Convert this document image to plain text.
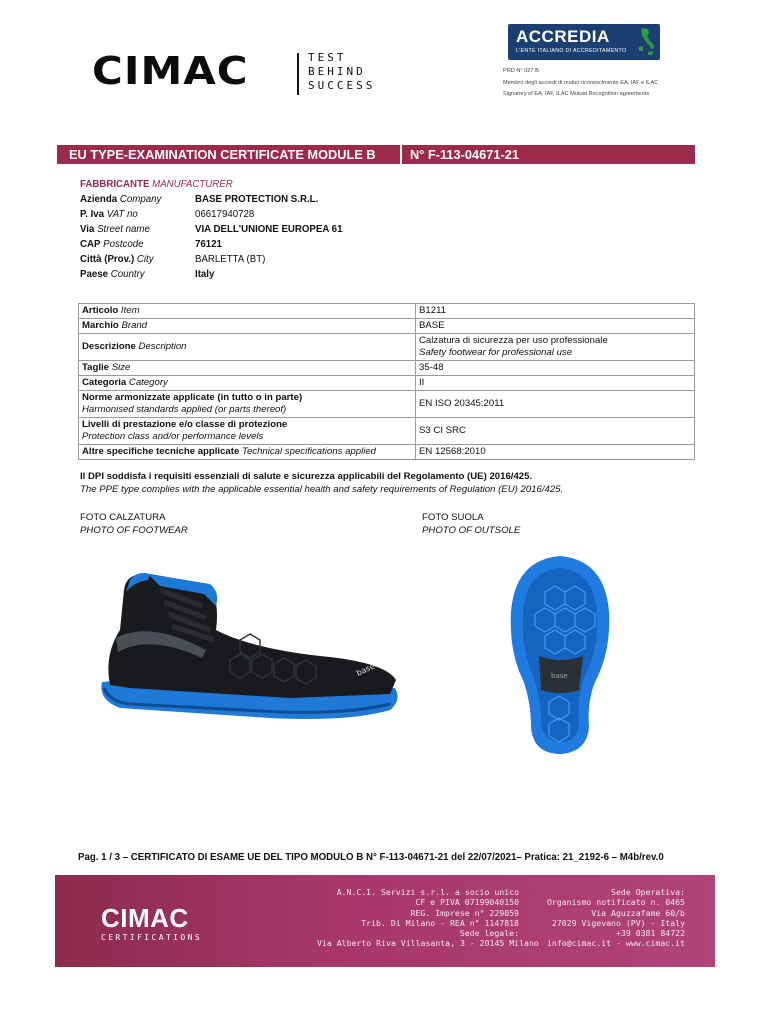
CIMAC	TEST
BEHIND
SUCCESS
ACCREDIA
L'ENTE ITALIANO DI ACCREDITAMENTO

PRD N° 027 B

Membro degli accordi di mutuo riconoscimento EA, IAF e ILAC

Signatory of EA, IAF, ILAC Mutual Recognition agreements

EU TYPE-EXAMINATION CERTIFICATE MODULE B	N° F-113-04671-21
FABBRICANTE MANUFACTURER
Azienda Company	BASE PROTECTION S.R.L.
P. Iva VAT no	06617940728
Via Street name	VIA DELL'UNIONE EUROPEA 61
CAP Postcode	76121
Città (Prov.) City	BARLETTA (BT)
Paese Country	Italy
Articolo Item	B1211
Marchio Brand	BASE
Descrizione Description	Calzatura di sicurezza per uso professionale
Safety footwear for professional use

Taglie Size	35-48
Categoria Category	II

Norme armonizzate applicate (in tutto o in parte)
Harmonised standards applied (or parts thereof)	EN ISO 20345:2011

Livelli di prestazione e/o classe di protezione
Protection class and/or performance levels	S3 CI SRC
Altre specifiche tecniche applicate Technical specifications applied	EN 12568:2010
Il DPI soddisfa i requisiti essenziali di salute e sicurezza applicabili del Regolamento (UE) 2016/425.
The PPE type complies with the applicable essential health and safety requirements of Regulation (EU) 2016/425.
FOTO CALZATURA
PHOTO OF FOOTWEAR
FOTO SUOLA
PHOTO OF OUTSOLE
base	base
Pag. 1 / 3 – CERTIFICATO DI ESAME UE DEL TIPO MODULO B N° F-113-04671-21 del 22/07/2021– Pratica: 21_2192-6 – M4b/rev.0
CIMAC
CERTIFICATIONS
A.N.C.I. Servizi s.r.l. a socio unico
CF e PIVA 07199040150
REG. Imprese n° 229059
Trib. Di Milano - REA n° 1147818
Sede legale:
Via Alberto Riva Villasanta, 3 - 20145 Milano
Sede Operativa:
Organismo notificato n. 0465
Via Aguzzafame 60/b
27029 Vigevano (PV) - Italy
+39 0381 84722
info@cimac.it - www.cimac.it
